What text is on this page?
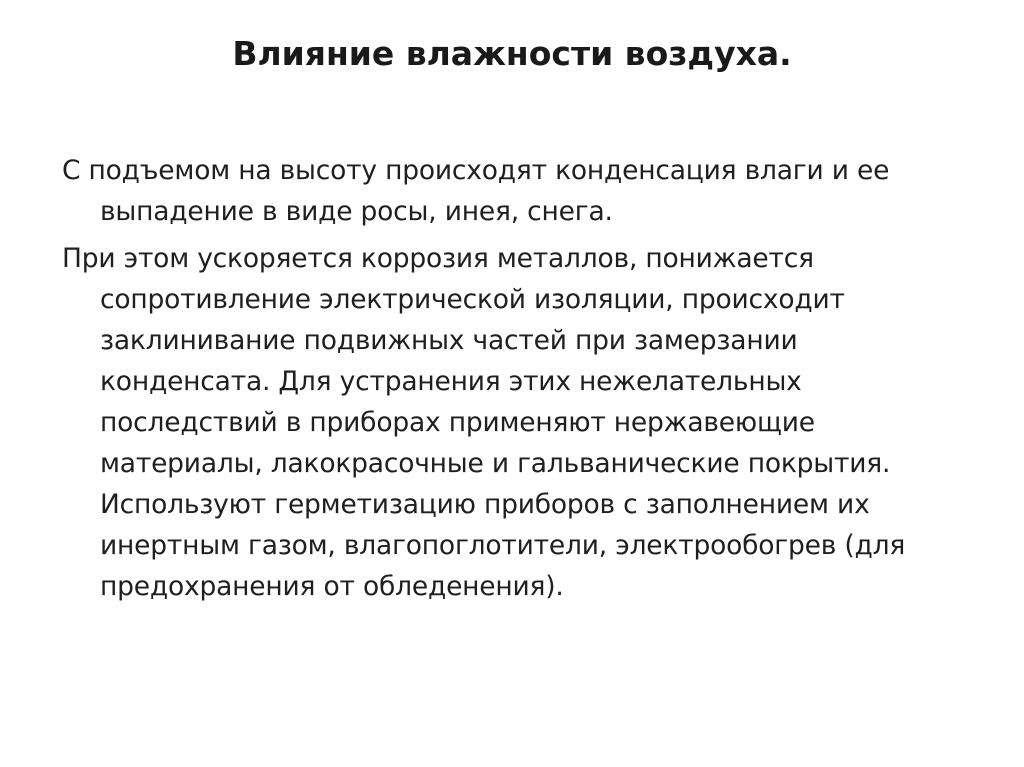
Влияние влажности воздуха.
С подъемом на высоту происходят конденсация влаги и ее выпадение в виде росы, инея, снега.
При этом ускоряется коррозия металлов, понижается сопротивление электрической изоляции, происходит заклинивание подвижных частей при замерзании конденсата. Для устранения этих нежелательных последствий в приборах применяют нержавеющие материалы, лакокрасочные и гальванические покрытия. Используют герметизацию приборов с заполнением их инертным газом, влагопоглотители, электрообогрев (для предохранения от обледенения).
